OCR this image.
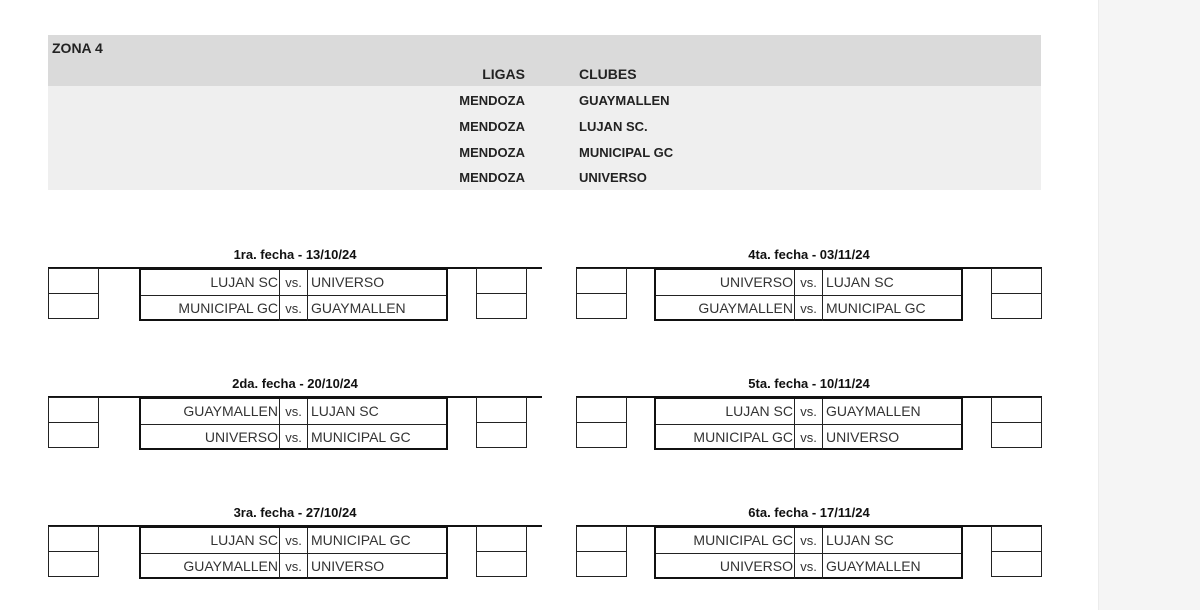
ZONA 4
LIGAS	CLUBES
MENDOZA	GUAYMALLEN
MENDOZA	LUJAN SC.
MENDOZA	MUNICIPAL GC
MENDOZA	UNIVERSO
1ra. fecha - 13/10/24
LUJAN SC vs. UNIVERSO
MUNICIPAL GC vs. GUAYMALLEN
4ta. fecha - 03/11/24
UNIVERSO vs. LUJAN SC
GUAYMALLEN vs. MUNICIPAL GC
2da. fecha - 20/10/24
GUAYMALLEN vs. LUJAN SC
UNIVERSO vs. MUNICIPAL GC
5ta. fecha - 10/11/24
LUJAN SC vs. GUAYMALLEN
MUNICIPAL GC vs. UNIVERSO
3ra. fecha - 27/10/24
LUJAN SC vs. MUNICIPAL GC
GUAYMALLEN vs. UNIVERSO
6ta. fecha - 17/11/24
MUNICIPAL GC vs. LUJAN SC
UNIVERSO vs. GUAYMALLEN
